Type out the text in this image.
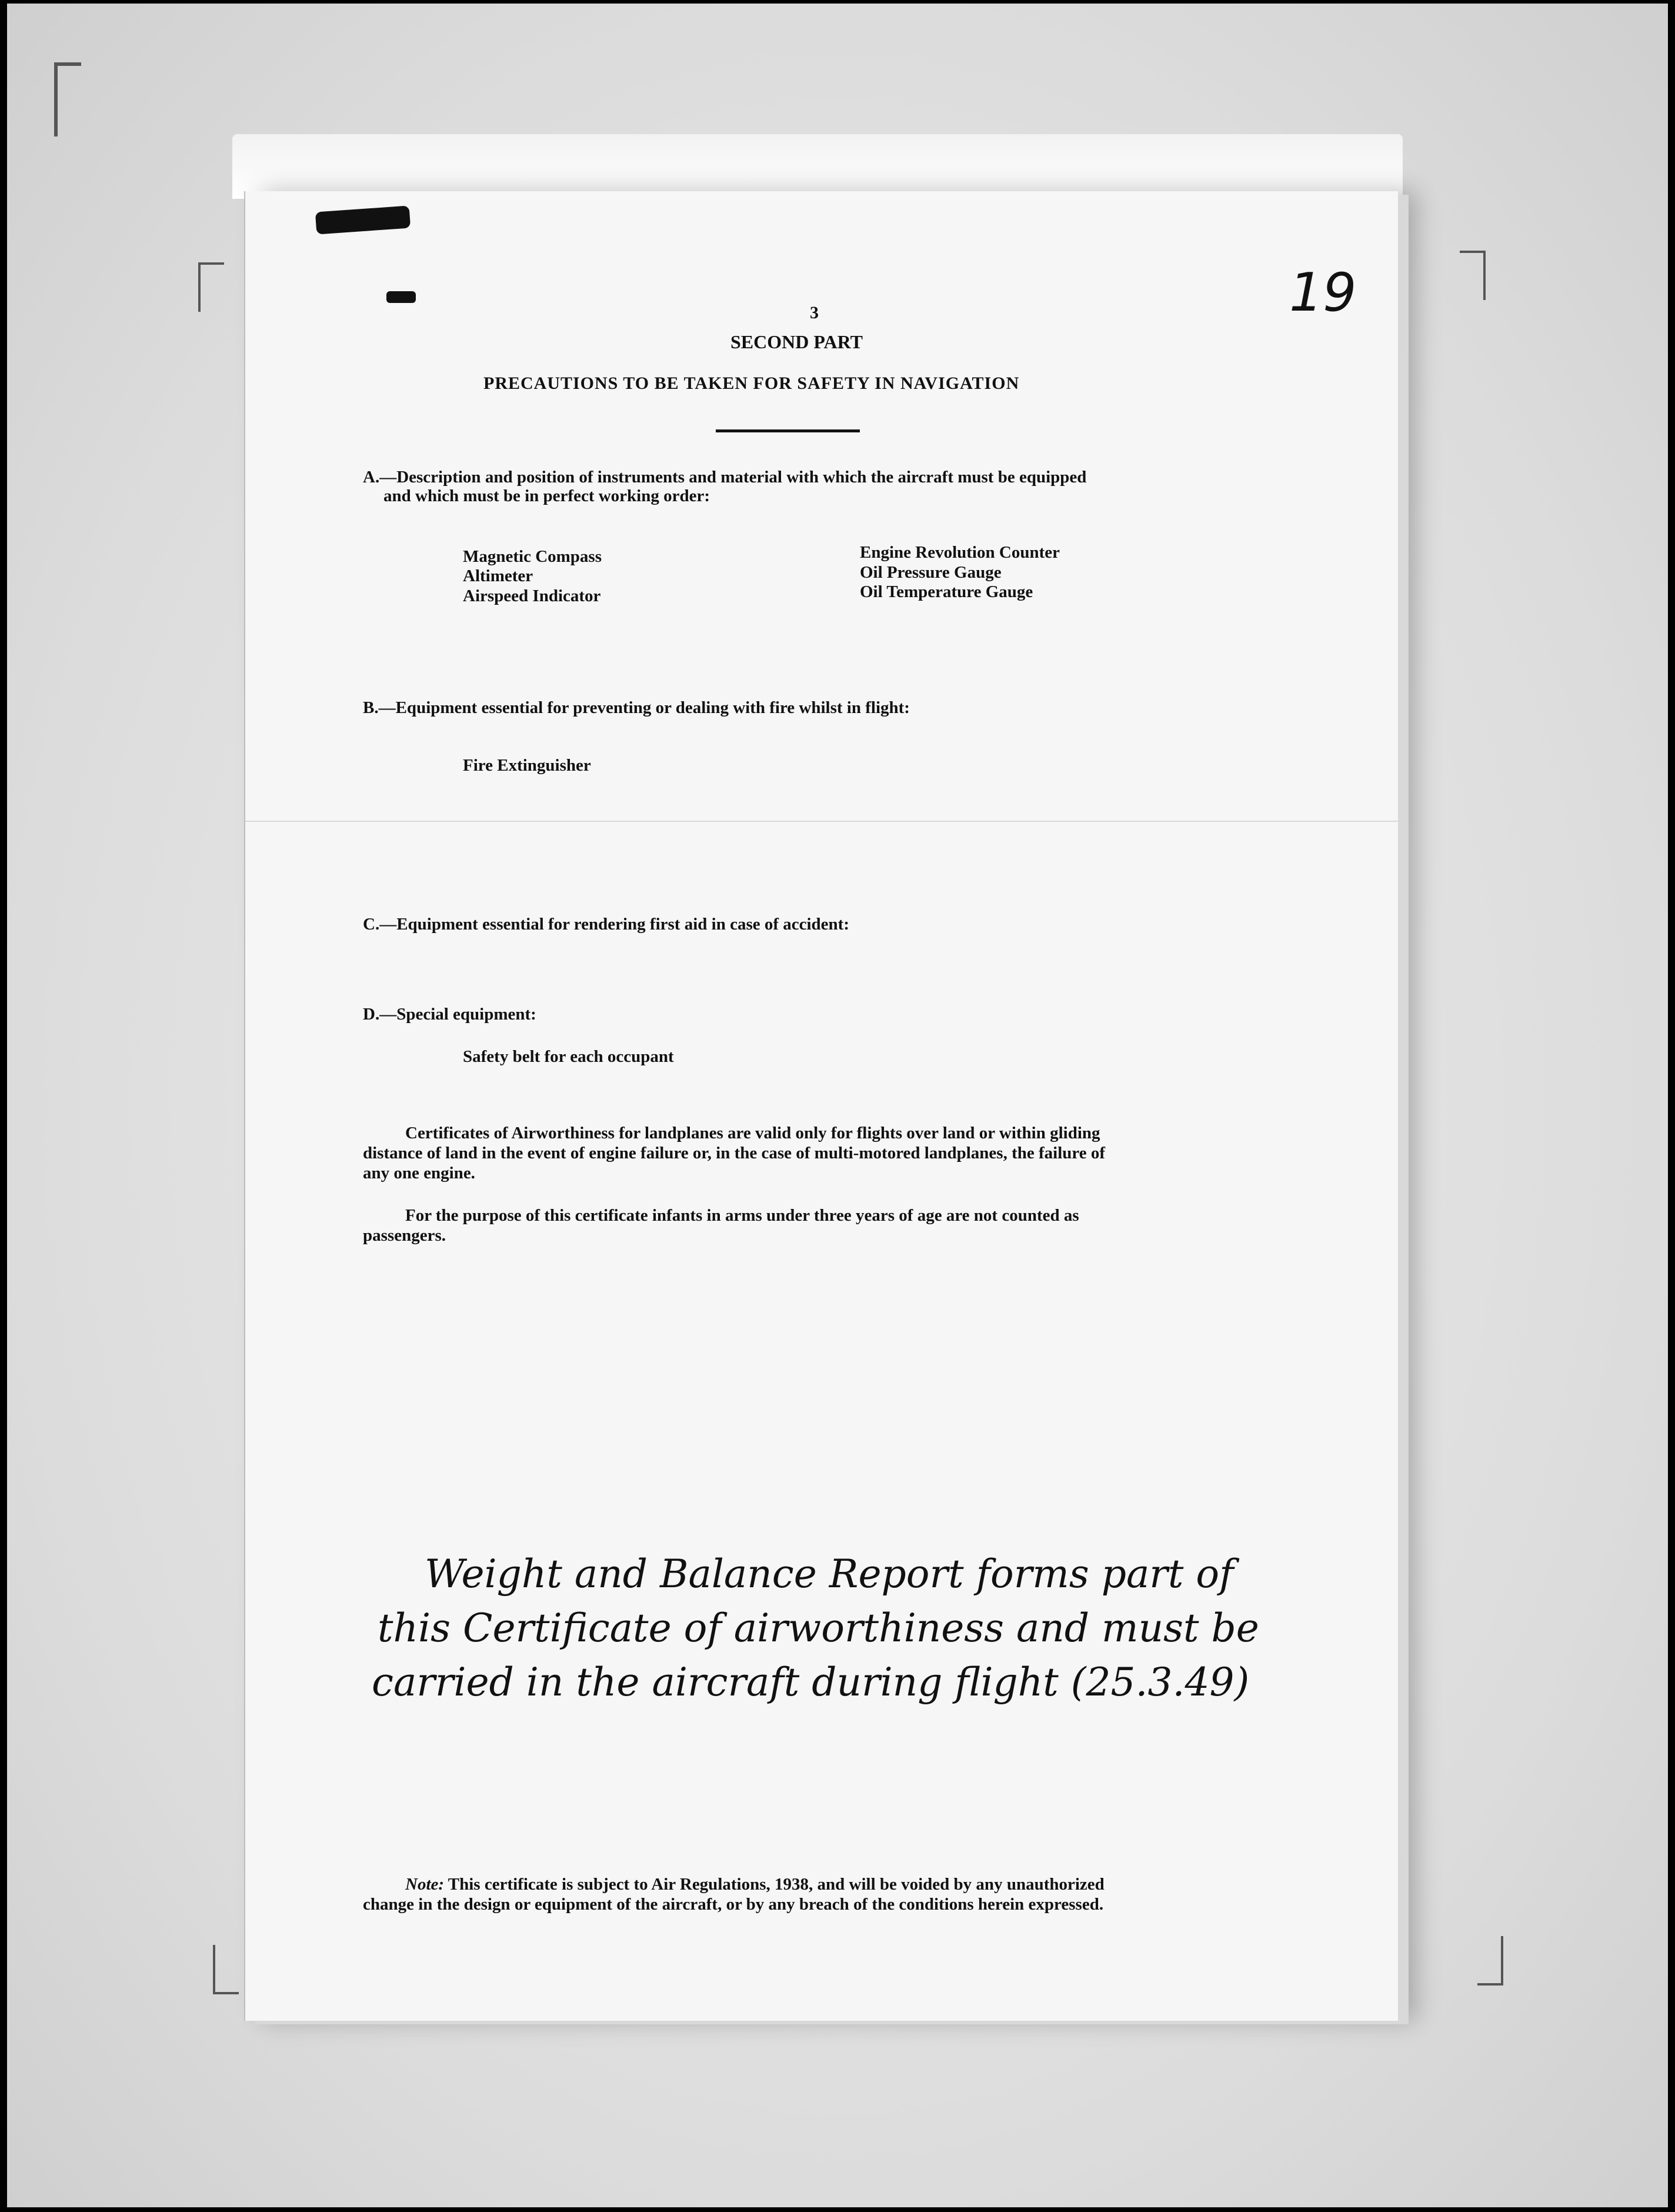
19
3
SECOND PART
PRECAUTIONS TO BE TAKEN FOR SAFETY IN NAVIGATION
A.—Description and position of instruments and material with which the aircraft must be equipped
and which must be in perfect working order:
Magnetic Compass
Altimeter
Airspeed Indicator
Engine Revolution Counter
Oil Pressure Gauge
Oil Temperature Gauge
B.—Equipment essential for preventing or dealing with fire whilst in flight:
Fire Extinguisher
C.—Equipment essential for rendering first aid in case of accident:
D.—Special equipment:
Safety belt for each occupant
Certificates of Airworthiness for landplanes are valid only for flights over land or within gliding
distance of land in the event of engine failure or, in the case of multi-motored landplanes, the failure of
any one engine.
For the purpose of this certificate infants in arms under three years of age are not counted as
passengers.
Weight and Balance Report forms part of
this Certificate of airworthiness and must be
carried in the aircraft during flight (25.3.49)
Note: This certificate is subject to Air Regulations, 1938, and will be voided by any unauthorized
change in the design or equipment of the aircraft, or by any breach of the conditions herein expressed.
